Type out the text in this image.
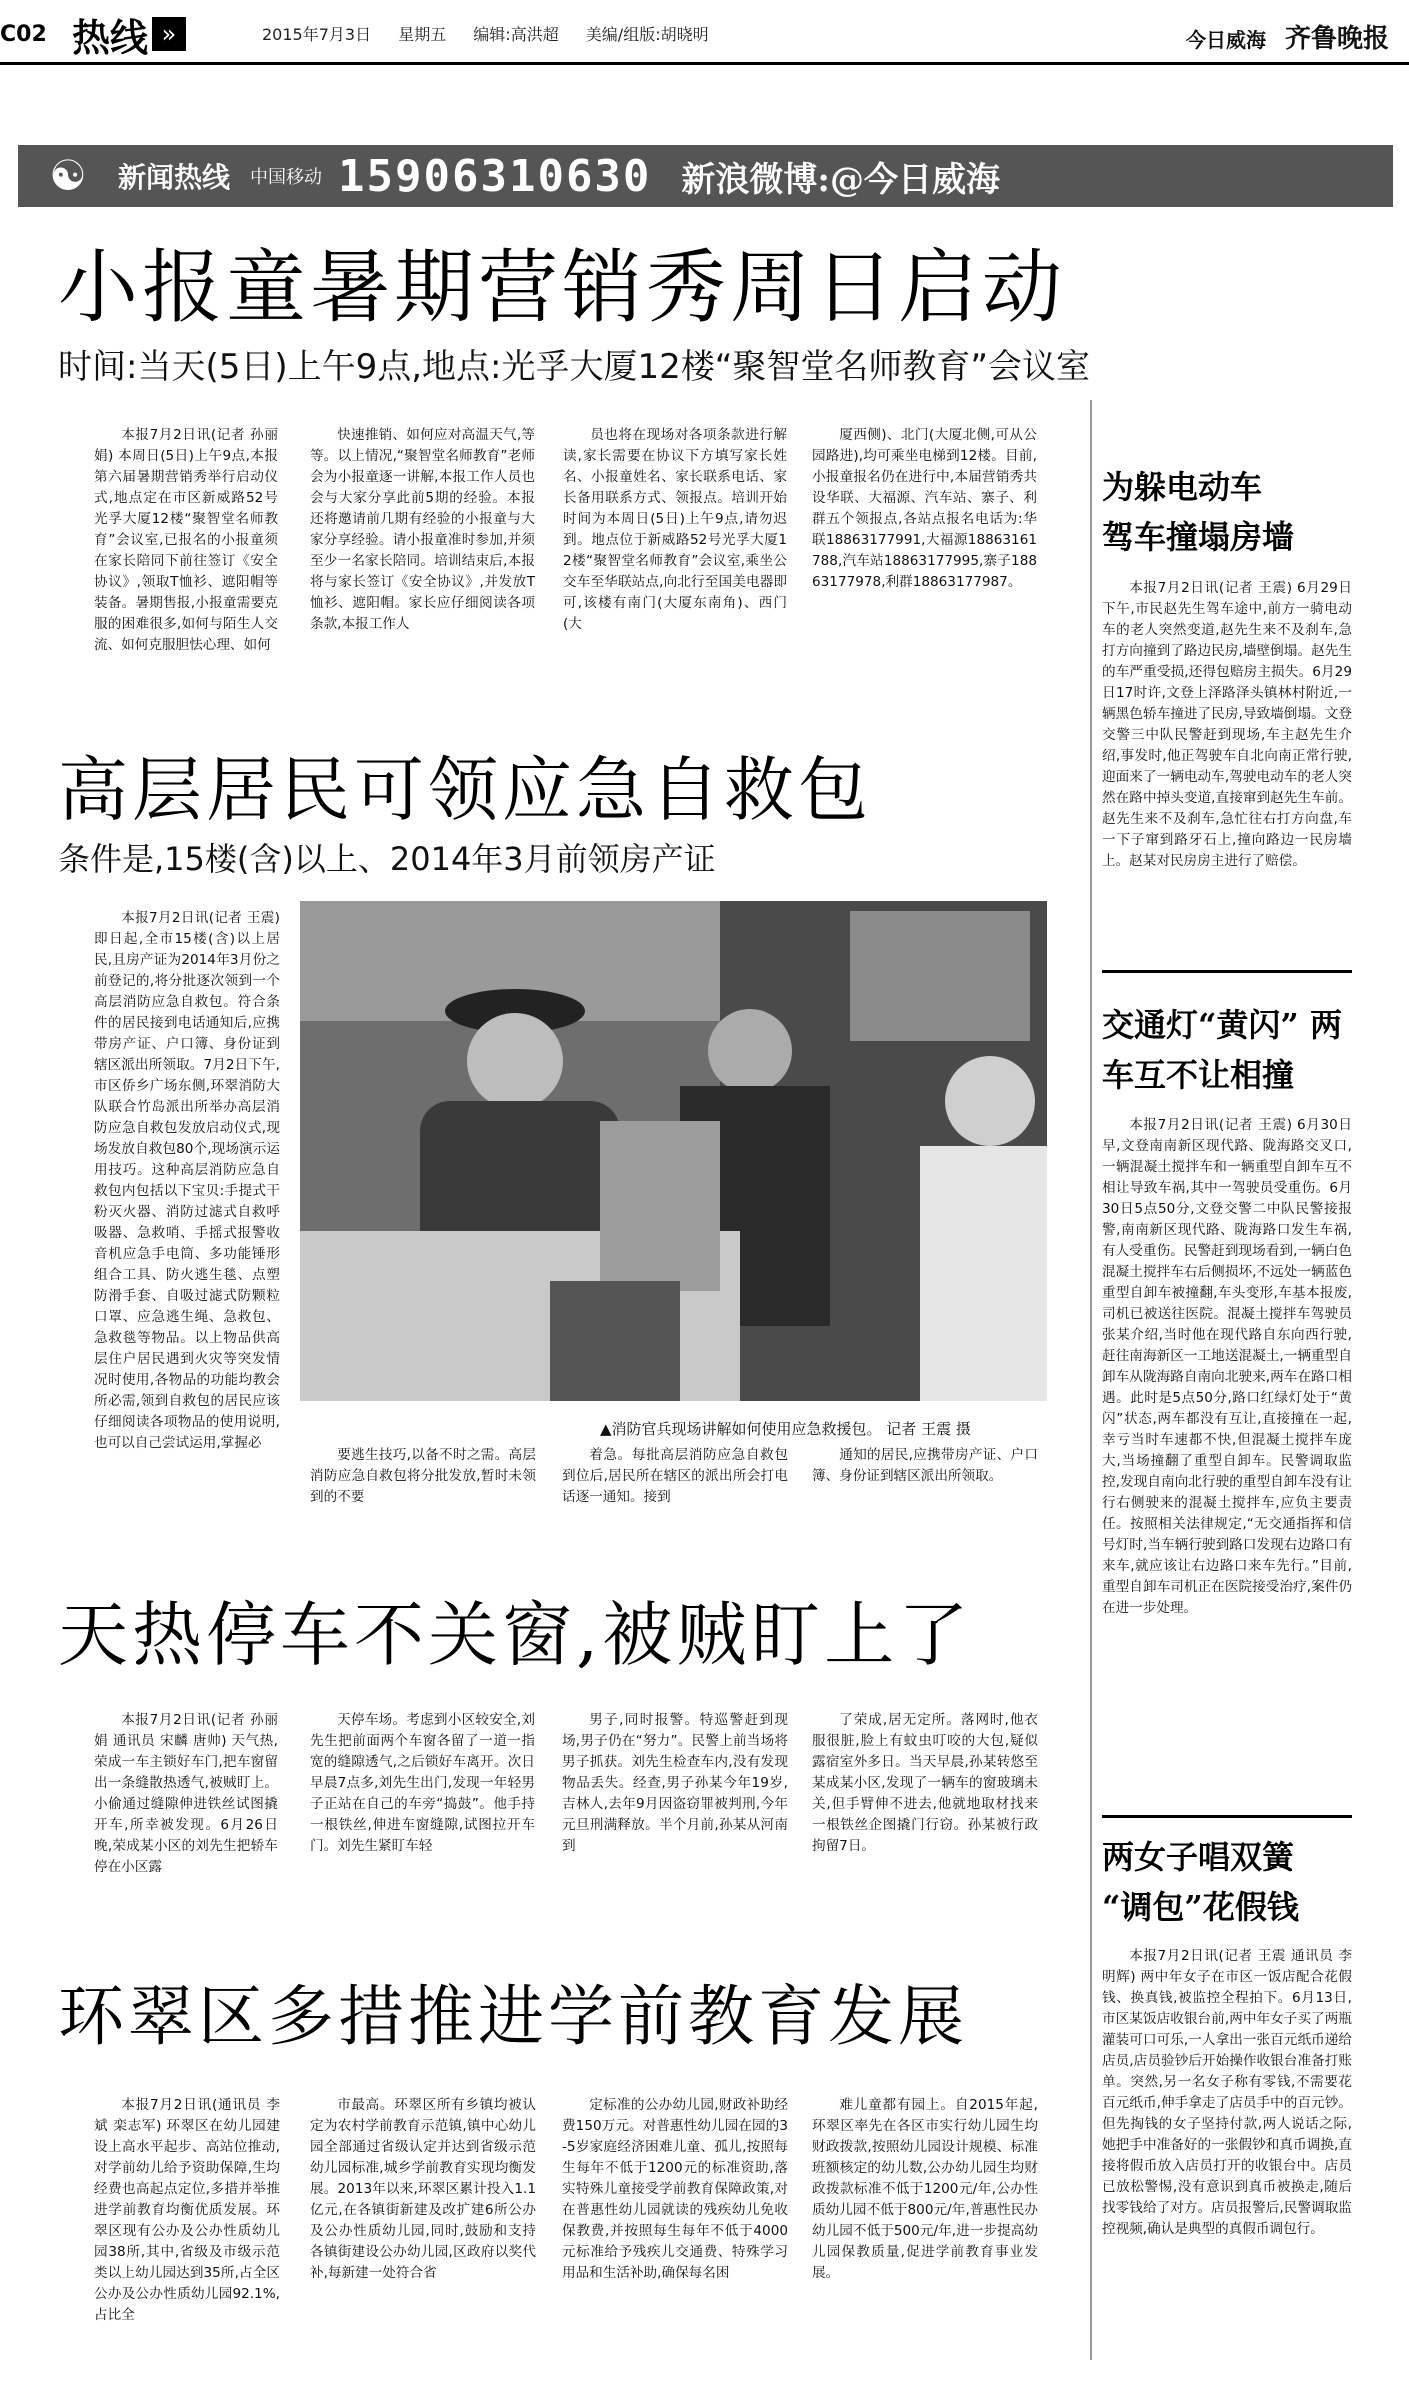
C02 热线 »	2015年7月3日 星期五 编辑:高洪超 美编/组版:胡晓明	今日威海 齐鲁晚报
☯	新闻热线 中国移动 15906310630 新浪微博:@今日威海
小报童暑期营销秀周日启动
时间:当天(5日)上午9点,地点:光孚大厦12楼“聚智堂名师教育”会议室

本报7月2日讯(记者 孙丽娟) 本周日(5日)上午9点,本报第六届暑期营销秀举行启动仪式,地点定在市区新威路52号光孚大厦12楼“聚智堂名师教育”会议室,已报名的小报童须在家长陪同下前往签订《安全协议》,领取T恤衫、遮阳帽等装备。暑期售报,小报童需要克服的困难很多,如何与陌生人交流、如何克服胆怯心理、如何

快速推销、如何应对高温天气,等等。以上情况,“聚智堂名师教育”老师会为小报童逐一讲解,本报工作人员也会与大家分享此前5期的经验。本报还将邀请前几期有经验的小报童与大家分享经验。请小报童准时参加,并须至少一名家长陪同。培训结束后,本报将与家长签订《安全协议》,并发放T恤衫、遮阳帽。家长应仔细阅读各项条款,本报工作人

员也将在现场对各项条款进行解读,家长需要在协议下方填写家长姓名、小报童姓名、家长联系电话、家长备用联系方式、领报点。培训开始时间为本周日(5日)上午9点,请勿迟到。地点位于新威路52号光孚大厦12楼“聚智堂名师教育”会议室,乘坐公交车至华联站点,向北行至国美电器即可,该楼有南门(大厦东南角)、西门(大

厦西侧)、北门(大厦北侧,可从公园路进),均可乘坐电梯到12楼。目前,小报童报名仍在进行中,本届营销秀共设华联、大福源、汽车站、寨子、利群五个领报点,各站点报名电话为:华联18863177991,大福源18863161788,汽车站18863177995,寨子18863177978,利群18863177987。

高层居民可领应急自救包
条件是,15楼(含)以上、2014年3月前领房产证

本报7月2日讯(记者 王震) 即日起,全市15楼(含)以上居民,且房产证为2014年3月份之前登记的,将分批逐次领到一个高层消防应急自救包。符合条件的居民接到电话通知后,应携带房产证、户口簿、身份证到辖区派出所领取。7月2日下午,市区侨乡广场东侧,环翠消防大队联合竹岛派出所举办高层消防应急自救包发放启动仪式,现场发放自救包80个,现场演示运用技巧。这种高层消防应急自救包内包括以下宝贝:手提式干粉灭火器、消防过滤式自救呼吸器、急救哨、手摇式报警收音机应急手电筒、多功能锤形组合工具、防火逃生毯、点塑防滑手套、自吸过滤式防颗粒口罩、应急逃生绳、急救包、急救毯等物品。以上物品供高层住户居民遇到火灾等突发情况时使用,各物品的功能均教会所必需,领到自救包的居民应该仔细阅读各项物品的使用说明,也可以自己尝试运用,掌握必

▲消防官兵现场讲解如何使用应急救援包。 记者 王震 摄

要逃生技巧,以备不时之需。高层消防应急自救包将分批发放,暂时未领到的不要

着急。每批高层消防应急自救包到位后,居民所在辖区的派出所会打电话逐一通知。接到

通知的居民,应携带房产证、户口簿、身份证到辖区派出所领取。

天热停车不关窗,被贼盯上了

本报7月2日讯(记者 孙丽娟 通讯员 宋麟 唐帅) 天气热,荣成一车主锁好车门,把车窗留出一条缝散热透气,被贼盯上。小偷通过缝隙伸进铁丝试图撬开车,所幸被发现。6月26日晚,荣成某小区的刘先生把轿车停在小区露

天停车场。考虑到小区较安全,刘先生把前面两个车窗各留了一道一指宽的缝隙透气,之后锁好车离开。次日早晨7点多,刘先生出门,发现一年轻男子正站在自己的车旁“捣鼓”。他手持一根铁丝,伸进车窗缝隙,试图拉开车门。刘先生紧盯车轻

男子,同时报警。特巡警赶到现场,男子仍在“努力”。民警上前当场将男子抓获。刘先生检查车内,没有发现物品丢失。经查,男子孙某今年19岁,吉林人,去年9月因盗窃罪被判刑,今年元旦刑满释放。半个月前,孙某从河南到

了荣成,居无定所。落网时,他衣服很脏,脸上有蚊虫叮咬的大包,疑似露宿室外多日。当天早晨,孙某转悠至某成某小区,发现了一辆车的窗玻璃未关,但手臂伸不进去,他就地取材找来一根铁丝企图撬门行窃。孙某被行政拘留7日。

环翠区多措推进学前教育发展

本报7月2日讯(通讯员 李斌 栾志军) 环翠区在幼儿园建设上高水平起步、高站位推动,对学前幼儿给予资助保障,生均经费也高起点定位,多措并举推进学前教育均衡优质发展。环翠区现有公办及公办性质幼儿园38所,其中,省级及市级示范类以上幼儿园达到35所,占全区公办及公办性质幼儿园92.1%,占比全

市最高。环翠区所有乡镇均被认定为农村学前教育示范镇,镇中心幼儿园全部通过省级认定并达到省级示范幼儿园标准,城乡学前教育实现均衡发展。2013年以来,环翠区累计投入1.1亿元,在各镇街新建及改扩建6所公办及公办性质幼儿园,同时,鼓励和支持各镇街建设公办幼儿园,区政府以奖代补,每新建一处符合省

定标准的公办幼儿园,财政补助经费150万元。对普惠性幼儿园在园的3-5岁家庭经济困难儿童、孤儿,按照每生每年不低于1200元的标准资助,落实特殊儿童接受学前教育保障政策,对在普惠性幼儿园就读的残疾幼儿免收保教费,并按照每生每年不低于4000元标准给予残疾儿交通费、特殊学习用品和生活补助,确保每名困

难儿童都有园上。自2015年起,环翠区率先在各区市实行幼儿园生均财政拨款,按照幼儿园设计规模、标准班额核定的幼儿数,公办幼儿园生均财政拨款标准不低于1200元/年,公办性质幼儿园不低于800元/年,普惠性民办幼儿园不低于500元/年,进一步提高幼儿园保教质量,促进学前教育事业发展。

为躲电动车 驾车撞塌房墙

本报7月2日讯(记者 王震) 6月29日下午,市民赵先生驾车途中,前方一骑电动车的老人突然变道,赵先生来不及刹车,急打方向撞到了路边民房,墙壁倒塌。赵先生的车严重受损,还得包赔房主损失。6月29日17时许,文登上泽路泽头镇林村附近,一辆黑色轿车撞进了民房,导致墙倒塌。文登交警三中队民警赶到现场,车主赵先生介绍,事发时,他正驾驶车自北向南正常行驶,迎面来了一辆电动车,驾驶电动车的老人突然在路中掉头变道,直接窜到赵先生车前。赵先生来不及刹车,急忙往右打方向盘,车一下子窜到路牙石上,撞向路边一民房墙上。赵某对民房房主进行了赔偿。

交通灯“黄闪” 两车互不让相撞

本报7月2日讯(记者 王震) 6月30日早,文登南南新区现代路、陇海路交叉口,一辆混凝土搅拌车和一辆重型自卸车互不相让导致车祸,其中一驾驶员受重伤。6月30日5点50分,文登交警二中队民警接报警,南南新区现代路、陇海路口发生车祸,有人受重伤。民警赶到现场看到,一辆白色混凝土搅拌车右后侧损坏,不远处一辆蓝色重型自卸车被撞翻,车头变形,车基本报废,司机已被送往医院。混凝土搅拌车驾驶员张某介绍,当时他在现代路自东向西行驶,赶往南海新区一工地送混凝土,一辆重型自卸车从陇海路自南向北驶来,两车在路口相遇。此时是5点50分,路口红绿灯处于“黄闪”状态,两车都没有互让,直接撞在一起,幸亏当时车速都不快,但混凝土搅拌车庞大,当场撞翻了重型自卸车。民警调取监控,发现自南向北行驶的重型自卸车没有让行右侧驶来的混凝土搅拌车,应负主要责任。按照相关法律规定,“无交通指挥和信号灯时,当车辆行驶到路口发现右边路口有来车,就应该让右边路口来车先行。”目前,重型自卸车司机正在医院接受治疗,案件仍在进一步处理。

两女子唱双簧 “调包”花假钱

本报7月2日讯(记者 王震 通讯员 李明辉) 两中年女子在市区一饭店配合花假钱、换真钱,被监控全程拍下。6月13日,市区某饭店收银台前,两中年女子买了两瓶灌装可口可乐,一人拿出一张百元纸币递给店员,店员验钞后开始操作收银台准备打账单。突然,另一名女子称有零钱,不需要花百元纸币,伸手拿走了店员手中的百元钞。但先掏钱的女子坚持付款,两人说话之际,她把手中准备好的一张假钞和真币调换,直接将假币放入店员打开的收银台中。店员已放松警惕,没有意识到真币被换走,随后找零钱给了对方。店员报警后,民警调取监控视频,确认是典型的真假币调包行。
